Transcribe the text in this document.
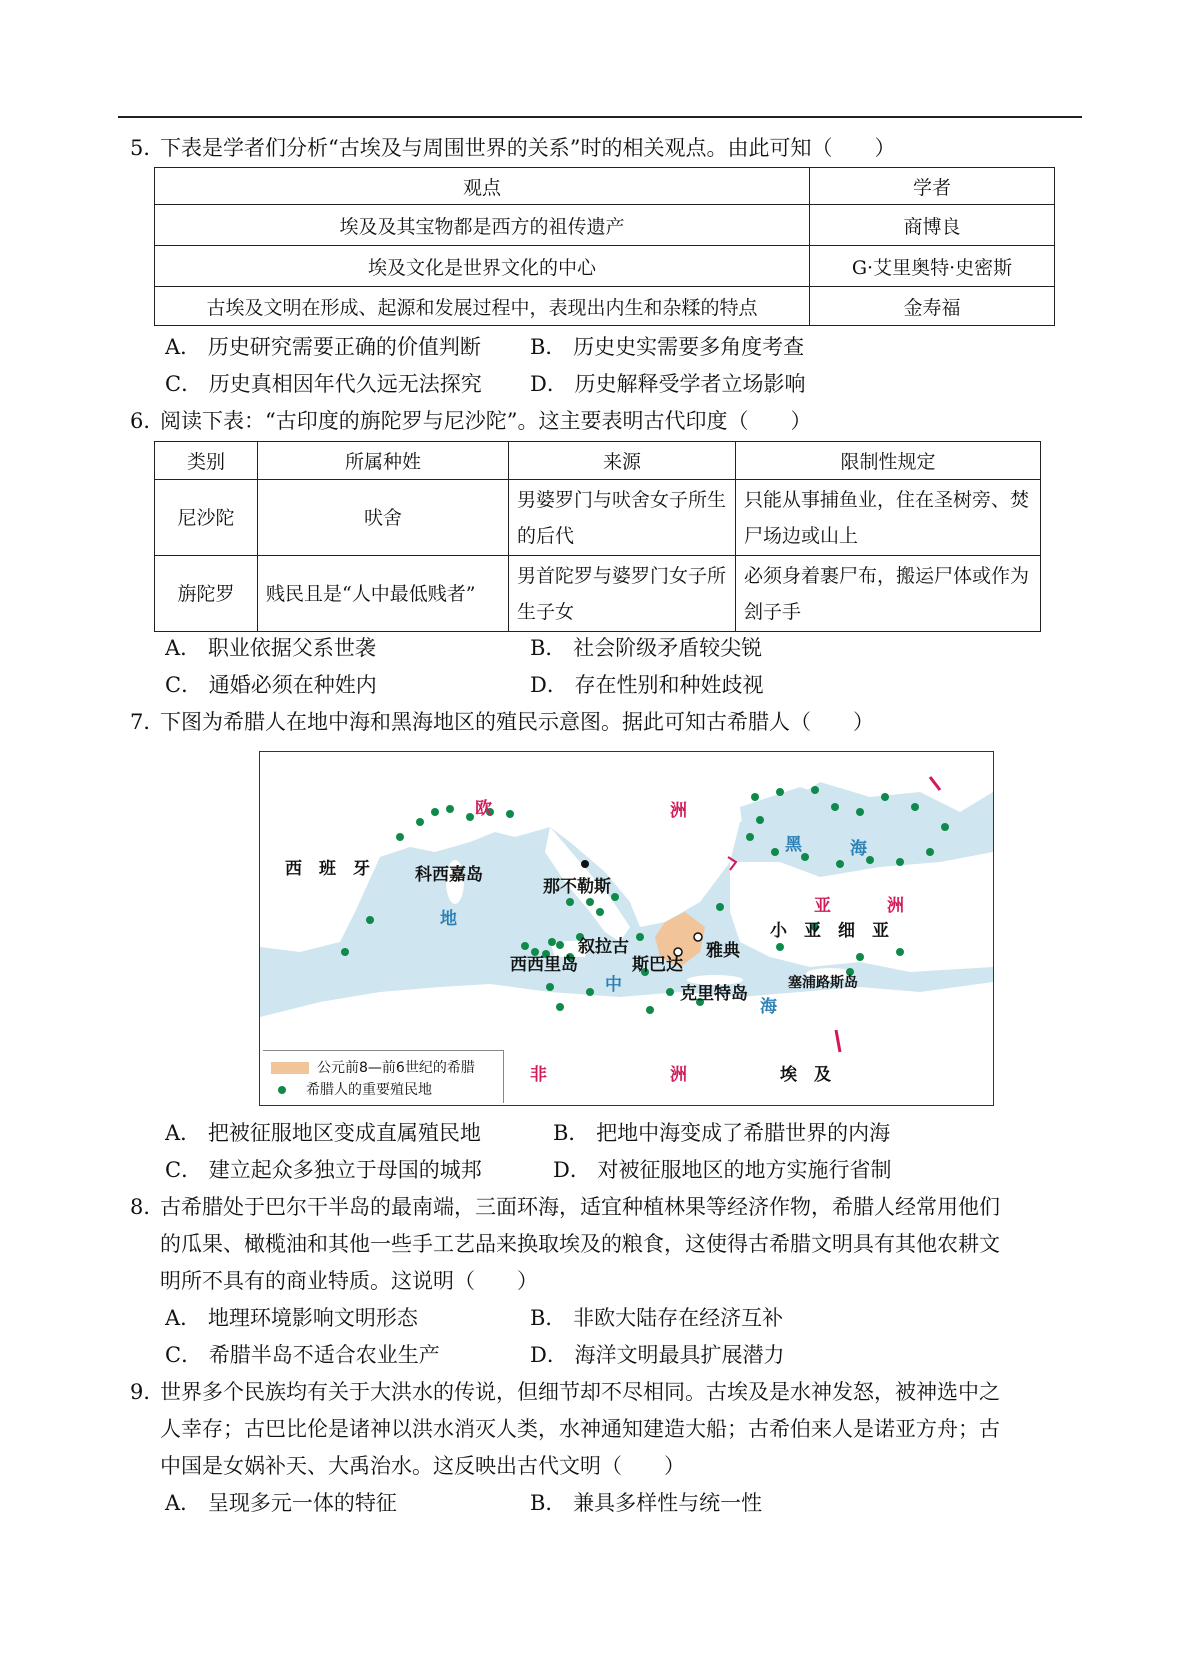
5．下表是学者们分析“古埃及与周围世界的关系”时的相关观点。由此可知（　　）
观点	学者
埃及及其宝物都是西方的祖传遗产	商博良
埃及文化是世界文化的中心	G·艾里奥特·史密斯
古埃及文明在形成、起源和发展过程中，表现出内生和杂糅的特点	金寿福
A． 历史研究需要正确的价值判断 B． 历史史实需要多角度考查
C． 历史真相因年代久远无法探究 D． 历史解释受学者立场影响
6．阅读下表：“古印度的旃陀罗与尼沙陀”。这主要表明古代印度（　　）
类别	所属种姓	来源	限制性规定
尼沙陀	吠舍	男婆罗门与吠舍女子所生的后代	只能从事捕鱼业，住在圣树旁、焚尸场边或山上
旃陀罗	贱民且是“人中最低贱者”	男首陀罗与婆罗门女子所生子女	必须身着裹尸布，搬运尸体或作为刽子手
A． 职业依据父系世袭	B． 社会阶级矛盾较尖锐
C． 通婚必须在种姓内	D． 存在性别和种姓歧视
7．下图为希腊人在地中海和黑海地区的殖民示意图。据此可知古希腊人（　　）
欧	洲
西　班　牙	科西嘉岛
那不勒斯
黑	海
亚	洲
小　亚　细　亚
地
叙拉古
西西里岛	斯巴达
雅典
中	克里特岛
塞浦路斯岛
海
非	洲	埃　及
公元前8—前6世纪的希腊
希腊人的重要殖民地
A． 把被征服地区变成直属殖民地	B． 把地中海变成了希腊世界的内海
C． 建立起众多独立于母国的城邦	D． 对被征服地区的地方实施行省制
8．古希腊处于巴尔干半岛的最南端，三面环海，适宜种植林果等经济作物，希腊人经常用他们
的瓜果、橄榄油和其他一些手工艺品来换取埃及的粮食，这使得古希腊文明具有其他农耕文
明所不具有的商业特质。这说明（　　）
A． 地理环境影响文明形态	B． 非欧大陆存在经济互补
C． 希腊半岛不适合农业生产	D． 海洋文明最具扩展潜力
9．世界多个民族均有关于大洪水的传说，但细节却不尽相同。古埃及是水神发怒，被神选中之
人幸存；古巴比伦是诸神以洪水消灭人类，水神通知建造大船；古希伯来人是诺亚方舟；古
中国是女娲补天、大禹治水。这反映出古代文明（　　）
A． 呈现多元一体的特征	B． 兼具多样性与统一性
